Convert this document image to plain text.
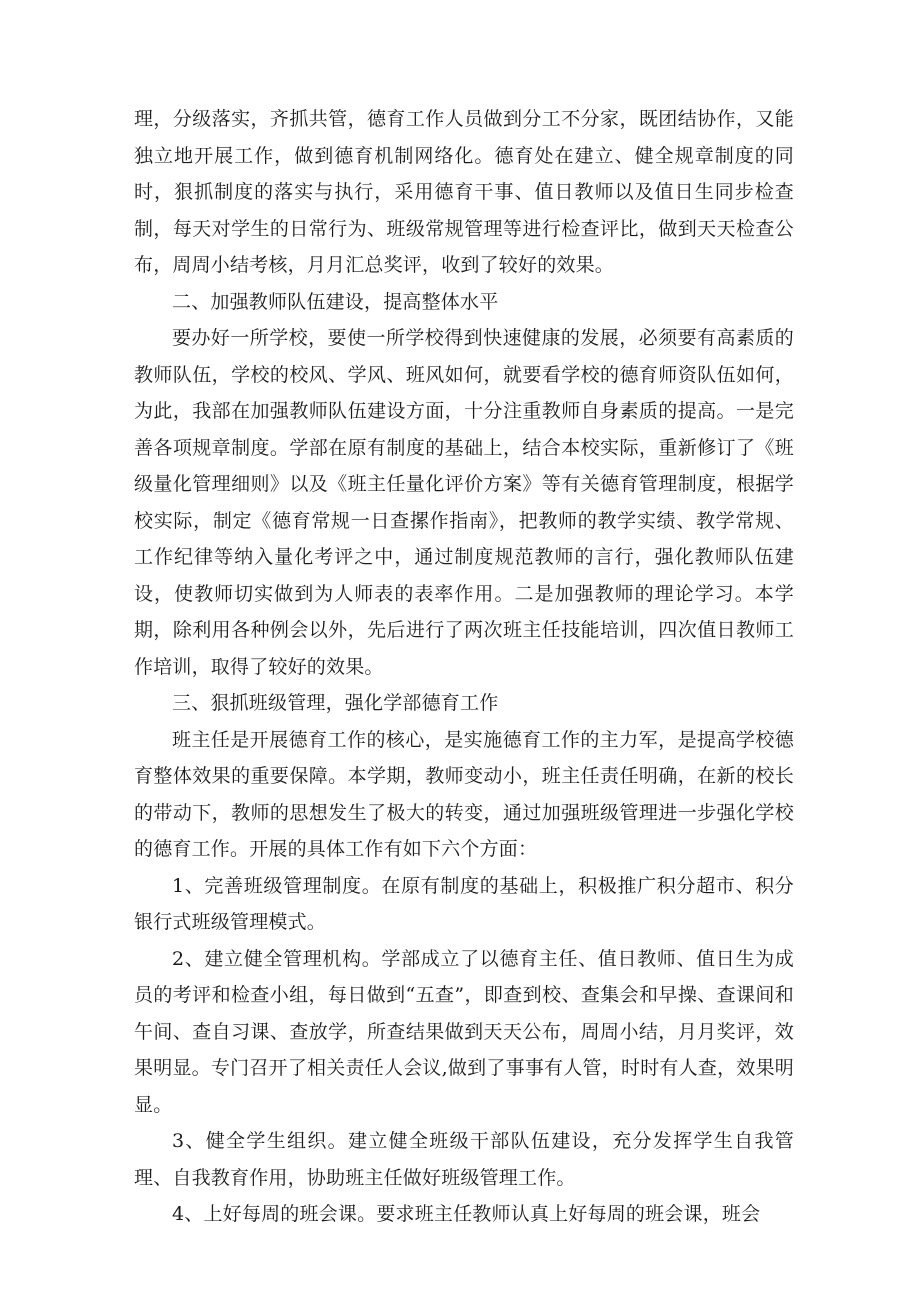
理，分级落实，齐抓共管，德育工作人员做到分工不分家，既团结协作，又能独立地开展工作，做到德育机制网络化。德育处在建立、健全规章制度的同时，狠抓制度的落实与执行，采用德育干事、值日教师以及值日生同步检查制，每天对学生的日常行为、班级常规管理等进行检查评比，做到天天检查公布，周周小结考核，月月汇总奖评，收到了较好的效果。

二、加强教师队伍建设，提高整体水平

要办好一所学校，要使一所学校得到快速健康的发展，必须要有高素质的教师队伍，学校的校风、学风、班风如何，就要看学校的德育师资队伍如何，为此，我部在加强教师队伍建设方面，十分注重教师自身素质的提高。一是完善各项规章制度。学部在原有制度的基础上，结合本校实际，重新修订了《班级量化管理细则》以及《班主任量化评价方案》等有关德育管理制度，根据学校实际，制定《德育常规一日查摞作指南》，把教师的教学实绩、教学常规、工作纪律等纳入量化考评之中，通过制度规范教师的言行，强化教师队伍建设，使教师切实做到为人师表的表率作用。二是加强教师的理论学习。本学期，除利用各种例会以外，先后进行了两次班主任技能培训，四次值日教师工作培训，取得了较好的效果。

三、狠抓班级管理，强化学部德育工作

班主任是开展德育工作的核心，是实施德育工作的主力军，是提高学校德育整体效果的重要保障。本学期，教师变动小，班主任责任明确，在新的校长的带动下，教师的思想发生了极大的转变，通过加强班级管理进一步强化学校的德育工作。开展的具体工作有如下六个方面：

1、完善班级管理制度。在原有制度的基础上，积极推广积分超市、积分银行式班级管理模式。

2、建立健全管理机构。学部成立了以德育主任、值日教师、值日生为成员的考评和检查小组，每日做到“五查”，即查到校、查集会和早操、查课间和午间、查自习课、查放学，所查结果做到天天公布，周周小结，月月奖评，效果明显。专门召开了相关责任人会议,做到了事事有人管，时时有人查，效果明显。

3、健全学生组织。建立健全班级干部队伍建设，充分发挥学生自我管理、自我教育作用，协助班主任做好班级管理工作。

4、上好每周的班会课。要求班主任教师认真上好每周的班会课，班会
